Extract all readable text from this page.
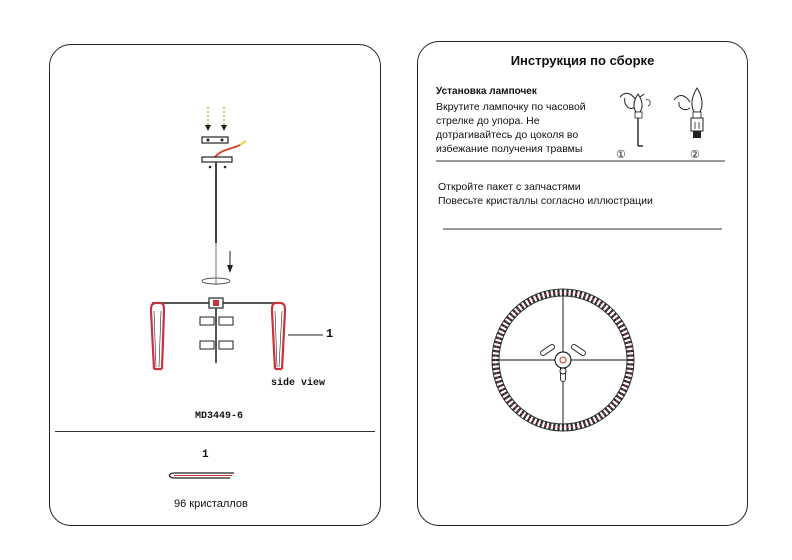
1
side view
MD3449-6
1
96 кристаллов
Инструкция по сборке
Установка лампочек
Вкрутите лампочку по часовой
стрелке до упора. Не
дотрагивайтесь до цоколя во
избежание получения травмы	①	②
Откройте пакет с запчастями
Повесьте кристаллы согласно иллюстрации
